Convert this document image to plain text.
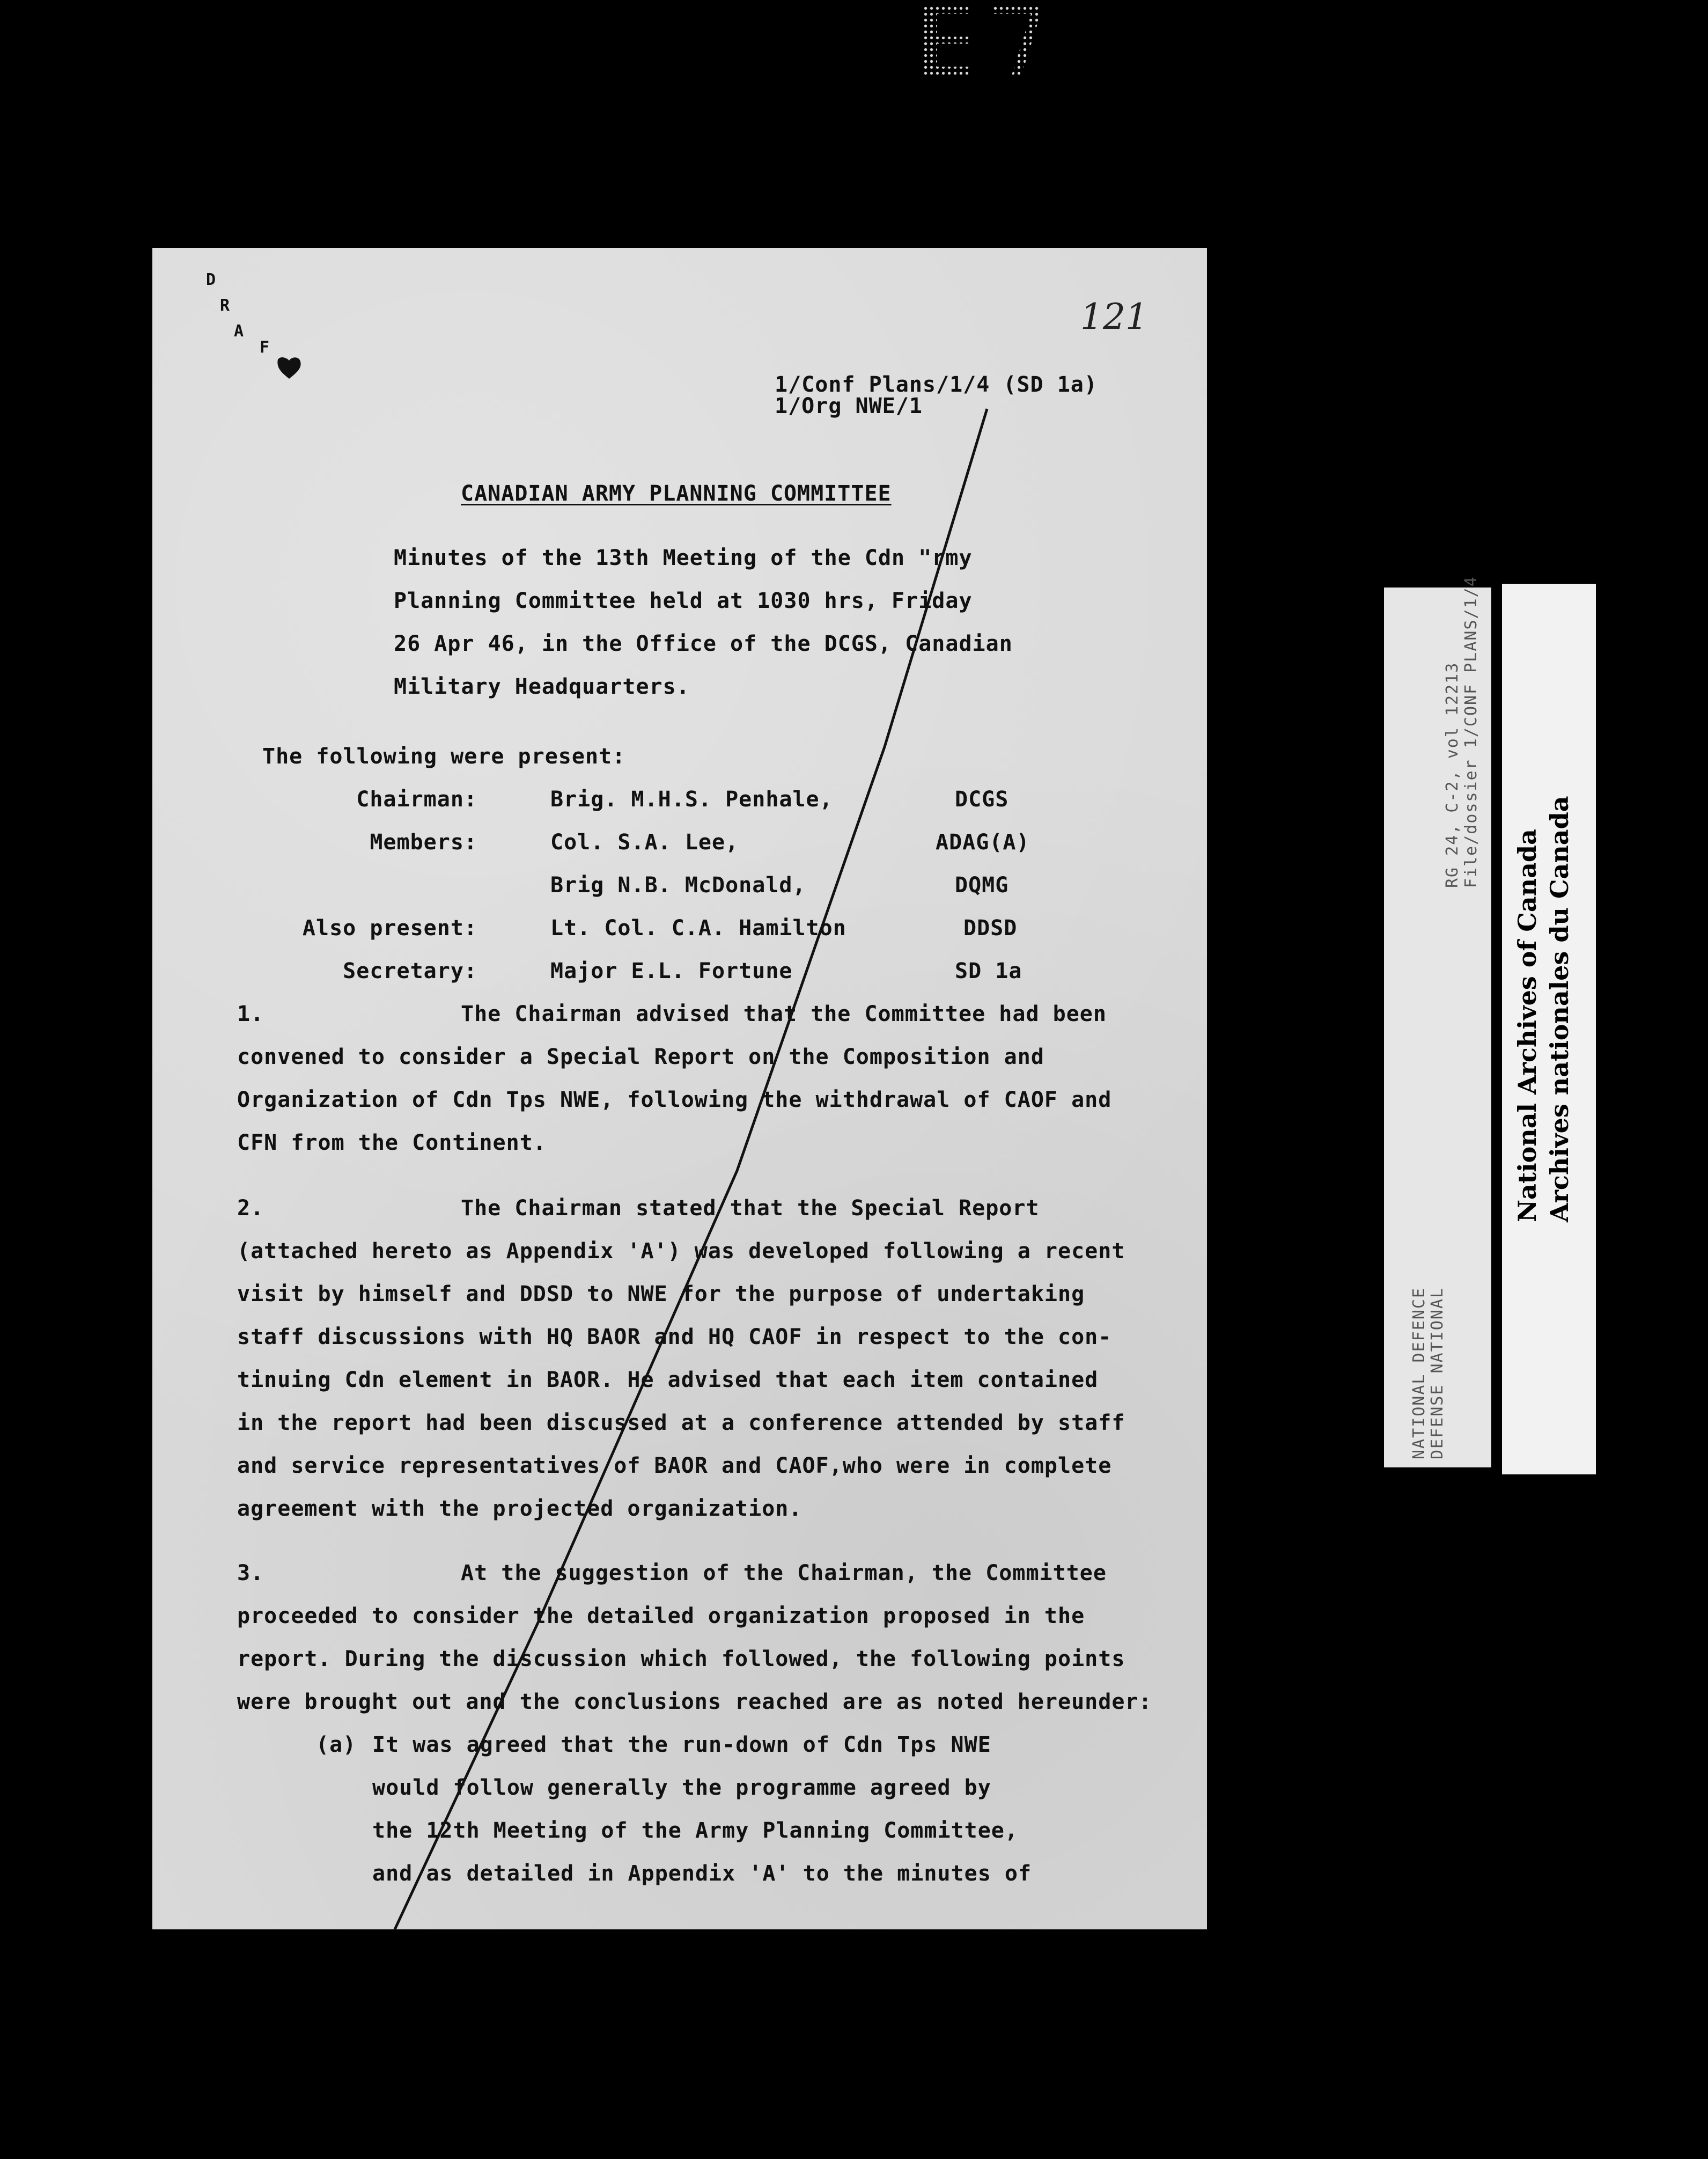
D
R
A
F
121
1/Conf Plans/1/4 (SD 1a)
1/Org NWE/1
CANADIAN ARMY PLANNING COMMITTEE
Minutes of the 13th Meeting of the Cdn "rmy
Planning Committee held at 1030 hrs, Friday
26 Apr 46, in the Office of the DCGS, Canadian
Military Headquarters.
The following were present:
Chairman:	Brig. M.H.S. Penhale,	DCGS
Members:	Col. S.A. Lee,	ADAG(A)
Brig N.B. McDonald,	DQMG
Also present:	Lt. Col. C.A. Hamilton	DDSD
Secretary:	Major E.L. Fortune	SD 1a
1.	The Chairman advised that the Committee had been
convened to consider a Special Report on the Composition and
Organization of Cdn Tps NWE, following the withdrawal of CAOF and
CFN from the Continent.
2.	The Chairman stated that the Special Report
(attached hereto as Appendix 'A') was developed following a recent
visit by himself and DDSD to NWE for the purpose of undertaking
staff discussions with HQ BAOR and HQ CAOF in respect to the con-
tinuing Cdn element in BAOR. He advised that each item contained
in the report had been discussed at a conference attended by staff
and service representatives of BAOR and CAOF,who were in complete
agreement with the projected organization.
3.	At the suggestion of the Chairman, the Committee
proceeded to consider the detailed organization proposed in the
report. During the discussion which followed, the following points
were brought out and the conclusions reached are as noted hereunder:
(a) It was agreed that the run-down of Cdn Tps NWE
would follow generally the programme agreed by
the 12th Meeting of the Army Planning Committee,
and as detailed in Appendix 'A' to the minutes of
NATIONAL DEFENCE DEFENSE NATIONAL
RG 24, C-2, vol 12213 File/dossier 1/CONF PLANS/1/4
National Archives of Canada Archives nationales du Canada
